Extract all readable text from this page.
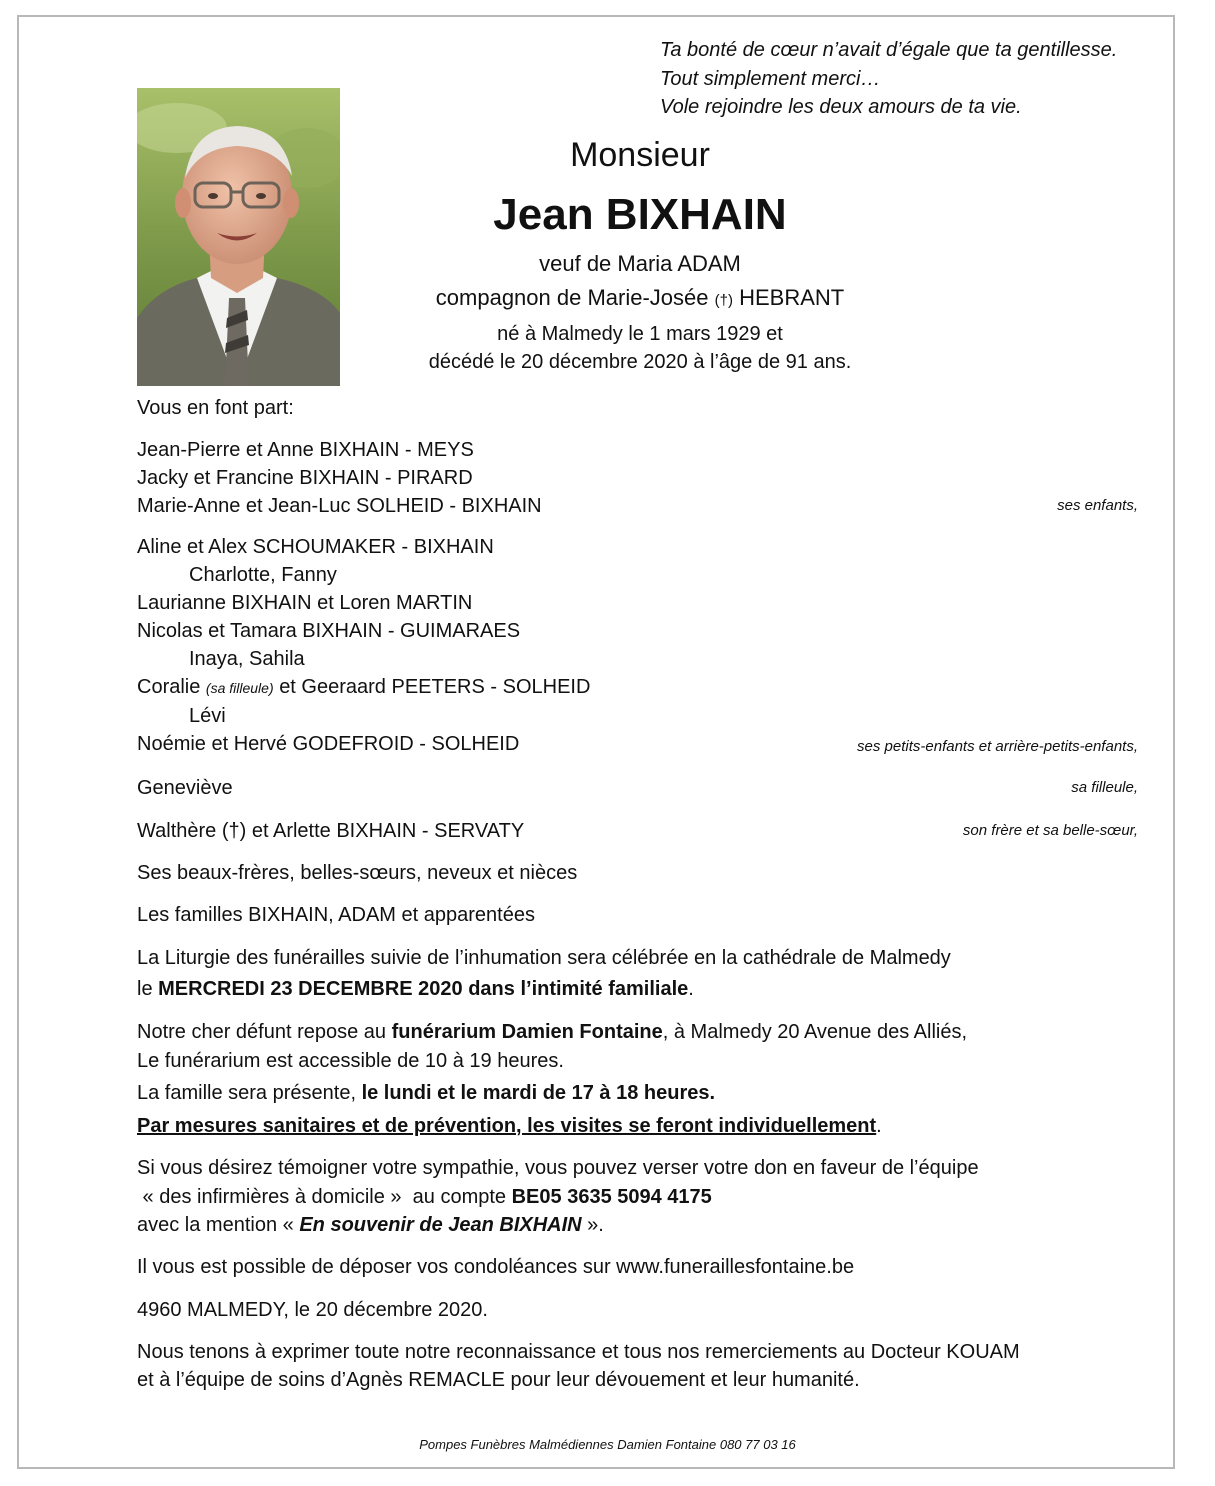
Ta bonté de cœur n’avait d’égale que ta gentillesse.
Tout simplement merci…
Vole rejoindre les deux amours de ta vie.
Monsieur
Jean BIXHAIN
veuf de Maria ADAM
compagnon de Marie-Josée (†) HEBRANT
né à Malmedy le 1 mars 1929 et
décédé le 20 décembre 2020 à l’âge de 91 ans.
Vous en font part:
Jean-Pierre et Anne BIXHAIN - MEYS
Jacky et Francine BIXHAIN - PIRARD
Marie-Anne et Jean-Luc SOLHEID - BIXHAIN	ses enfants,
Aline et Alex SCHOUMAKER - BIXHAIN
Charlotte, Fanny
Laurianne BIXHAIN et Loren MARTIN
Nicolas et Tamara BIXHAIN - GUIMARAES
Inaya, Sahila
Coralie (sa filleule) et Geeraard PEETERS - SOLHEID
Lévi
Noémie et Hervé GODEFROID - SOLHEID	ses petits-enfants et arrière-petits-enfants,
Geneviève	sa filleule,
Walthère (†) et Arlette BIXHAIN - SERVATY	son frère et sa belle-sœur,
Ses beaux-frères, belles-sœurs, neveux et nièces
Les familles BIXHAIN, ADAM et apparentées
La Liturgie des funérailles suivie de l’inhumation sera célébrée en la cathédrale de Malmedy
le MERCREDI 23 DECEMBRE 2020 dans l’intimité familiale.
Notre cher défunt repose au funérarium Damien Fontaine, à Malmedy 20 Avenue des Alliés,
Le funérarium est accessible de 10 à 19 heures.
La famille sera présente, le lundi et le mardi de 17 à 18 heures.
Par mesures sanitaires et de prévention, les visites se feront individuellement.
Si vous désirez témoigner votre sympathie, vous pouvez verser votre don en faveur de l’équipe
« des infirmières à domicile »  au compte BE05 3635 5094 4175
avec la mention « En souvenir de Jean BIXHAIN ».
Il vous est possible de déposer vos condoléances sur www.funeraillesfontaine.be
4960 MALMEDY, le 20 décembre 2020.
Nous tenons à exprimer toute notre reconnaissance et tous nos remerciements au Docteur KOUAM
et à l’équipe de soins d’Agnès REMACLE pour leur dévouement et leur humanité.
Pompes Funèbres Malmédiennes Damien Fontaine 080 77 03 16
